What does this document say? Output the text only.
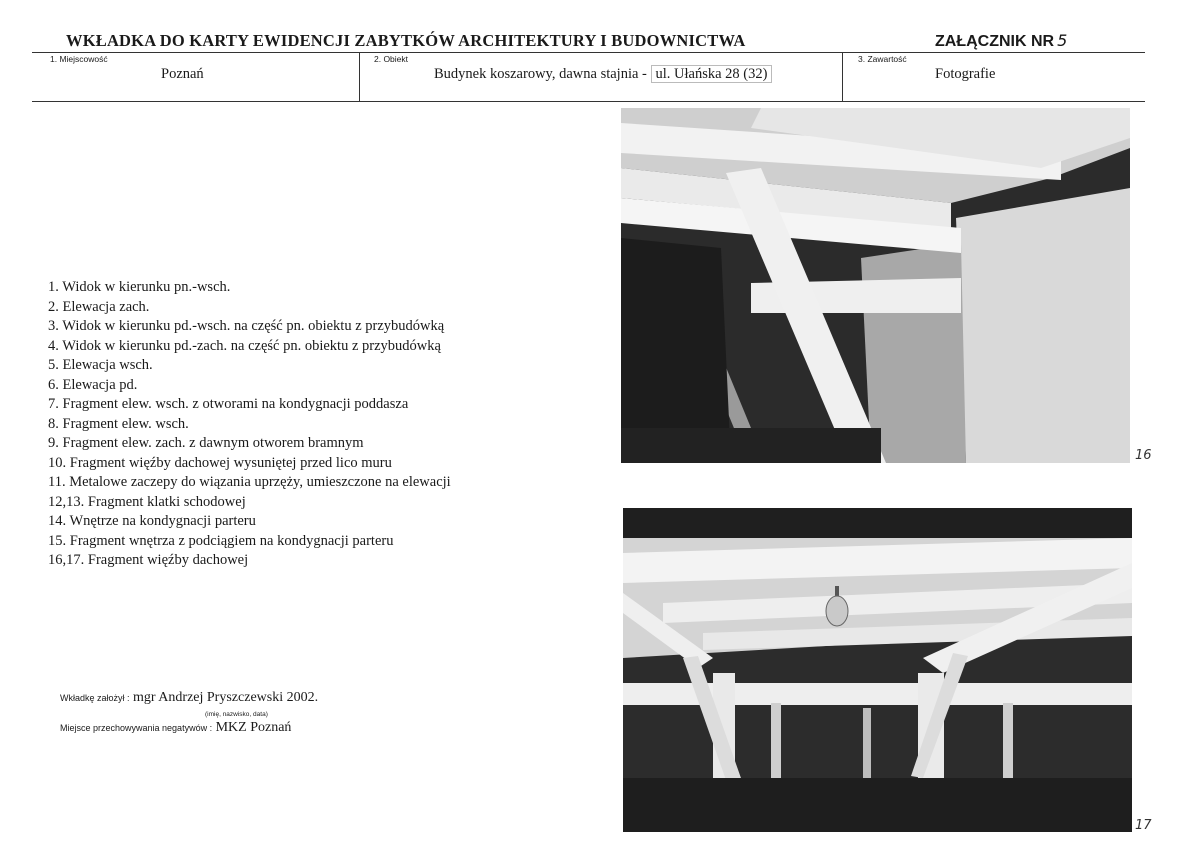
WKŁADKA DO KARTY EWIDENCJI ZABYTKÓW ARCHITEKTURY I BUDOWNICTWA	ZAŁĄCZNIK NR 5
1. Miejscowość
Poznań
2. Obiekt
Budynek koszarowy, dawna stajnia - ul. Ułańska 28 (32)
3. Zawartość
Fotografie
1. Widok w kierunku pn.-wsch.
2. Elewacja zach.
3. Widok w kierunku pd.-wsch. na część pn. obiektu z przybudówką
4. Widok w kierunku pd.-zach. na część pn. obiektu z przybudówką
5. Elewacja wsch.
6. Elewacja pd.
7. Fragment elew. wsch. z otworami na kondygnacji poddasza
8. Fragment elew. wsch.
9. Fragment elew. zach. z dawnym otworem bramnym
10. Fragment więźby dachowej wysuniętej przed lico muru
11. Metalowe zaczepy do wiązania uprzęży, umieszczone na elewacji
12,13. Fragment klatki schodowej
14. Wnętrze na kondygnacji parteru
15. Fragment wnętrza z podciągiem na kondygnacji parteru
16,17. Fragment więźby dachowej
Wkładkę założył : mgr Andrzej Pryszczewski 2002.
(imię, nazwisko, data)
Miejsce przechowywania negatywów : MKZ Poznań
16
17
